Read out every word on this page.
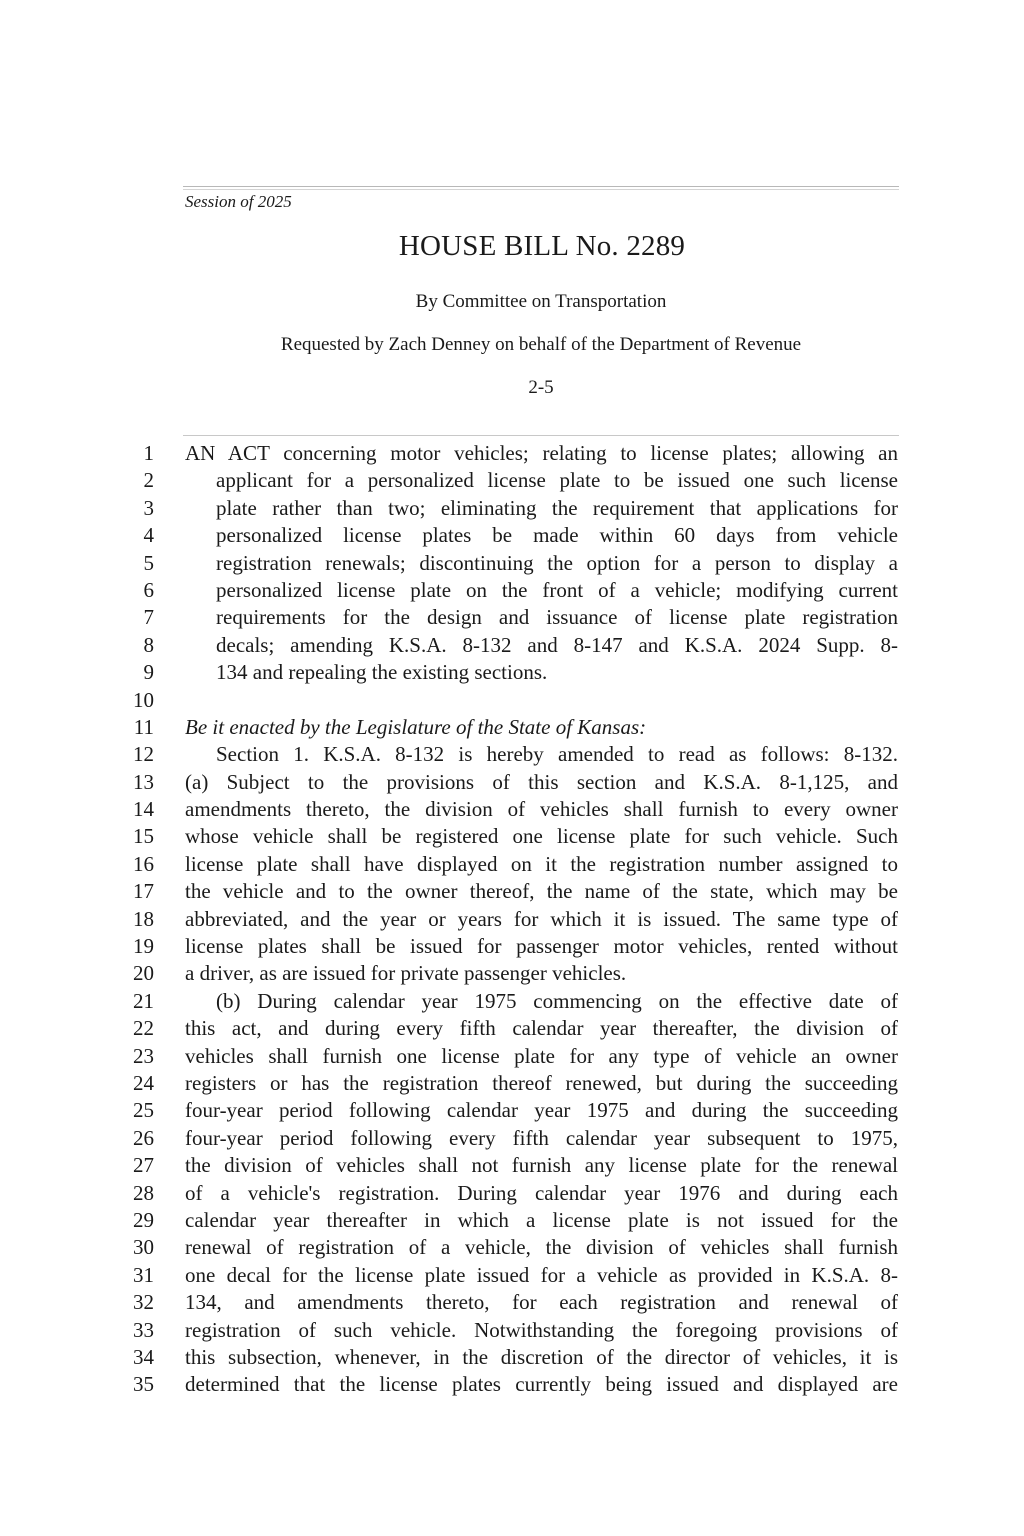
Session of 2025
HOUSE BILL No. 2289
By Committee on Transportation
Requested by Zach Denney on behalf of the Department of Revenue
2-5
1
2
3
4
5
6
7
8
9
10
11
12
13
14
15
16
17
18
19
20
21
22
23
24
25
26
27
28
29
30
31
32
33
34
35
AN ACT concerning motor vehicles; relating to license plates; allowing an
applicant for a personalized license plate to be issued one such license
plate rather than two; eliminating the requirement that applications for
personalized license plates be made within 60 days from vehicle
registration renewals; discontinuing the option for a person to display a
personalized license plate on the front of a vehicle; modifying current
requirements for the design and issuance of license plate registration
decals; amending K.S.A. 8-132 and 8-147 and K.S.A. 2024 Supp. 8-
134 and repealing the existing sections.
Be it enacted by the Legislature of the State of Kansas:
Section 1. K.S.A. 8-132 is hereby amended to read as follows: 8-132.
(a) Subject to the provisions of this section and K.S.A. 8-1,125, and
amendments thereto, the division of vehicles shall furnish to every owner
whose vehicle shall be registered one license plate for such vehicle. Such
license plate shall have displayed on it the registration number assigned to
the vehicle and to the owner thereof, the name of the state, which may be
abbreviated, and the year or years for which it is issued. The same type of
license plates shall be issued for passenger motor vehicles, rented without
a driver, as are issued for private passenger vehicles.
(b) During calendar year 1975 commencing on the effective date of
this act, and during every fifth calendar year thereafter, the division of
vehicles shall furnish one license plate for any type of vehicle an owner
registers or has the registration thereof renewed, but during the succeeding
four-year period following calendar year 1975 and during the succeeding
four-year period following every fifth calendar year subsequent to 1975,
the division of vehicles shall not furnish any license plate for the renewal
of a vehicle's registration. During calendar year 1976 and during each
calendar year thereafter in which a license plate is not issued for the
renewal of registration of a vehicle, the division of vehicles shall furnish
one decal for the license plate issued for a vehicle as provided in K.S.A. 8-
134, and amendments thereto, for each registration and renewal of
registration of such vehicle. Notwithstanding the foregoing provisions of
this subsection, whenever, in the discretion of the director of vehicles, it is
determined that the license plates currently being issued and displayed are
